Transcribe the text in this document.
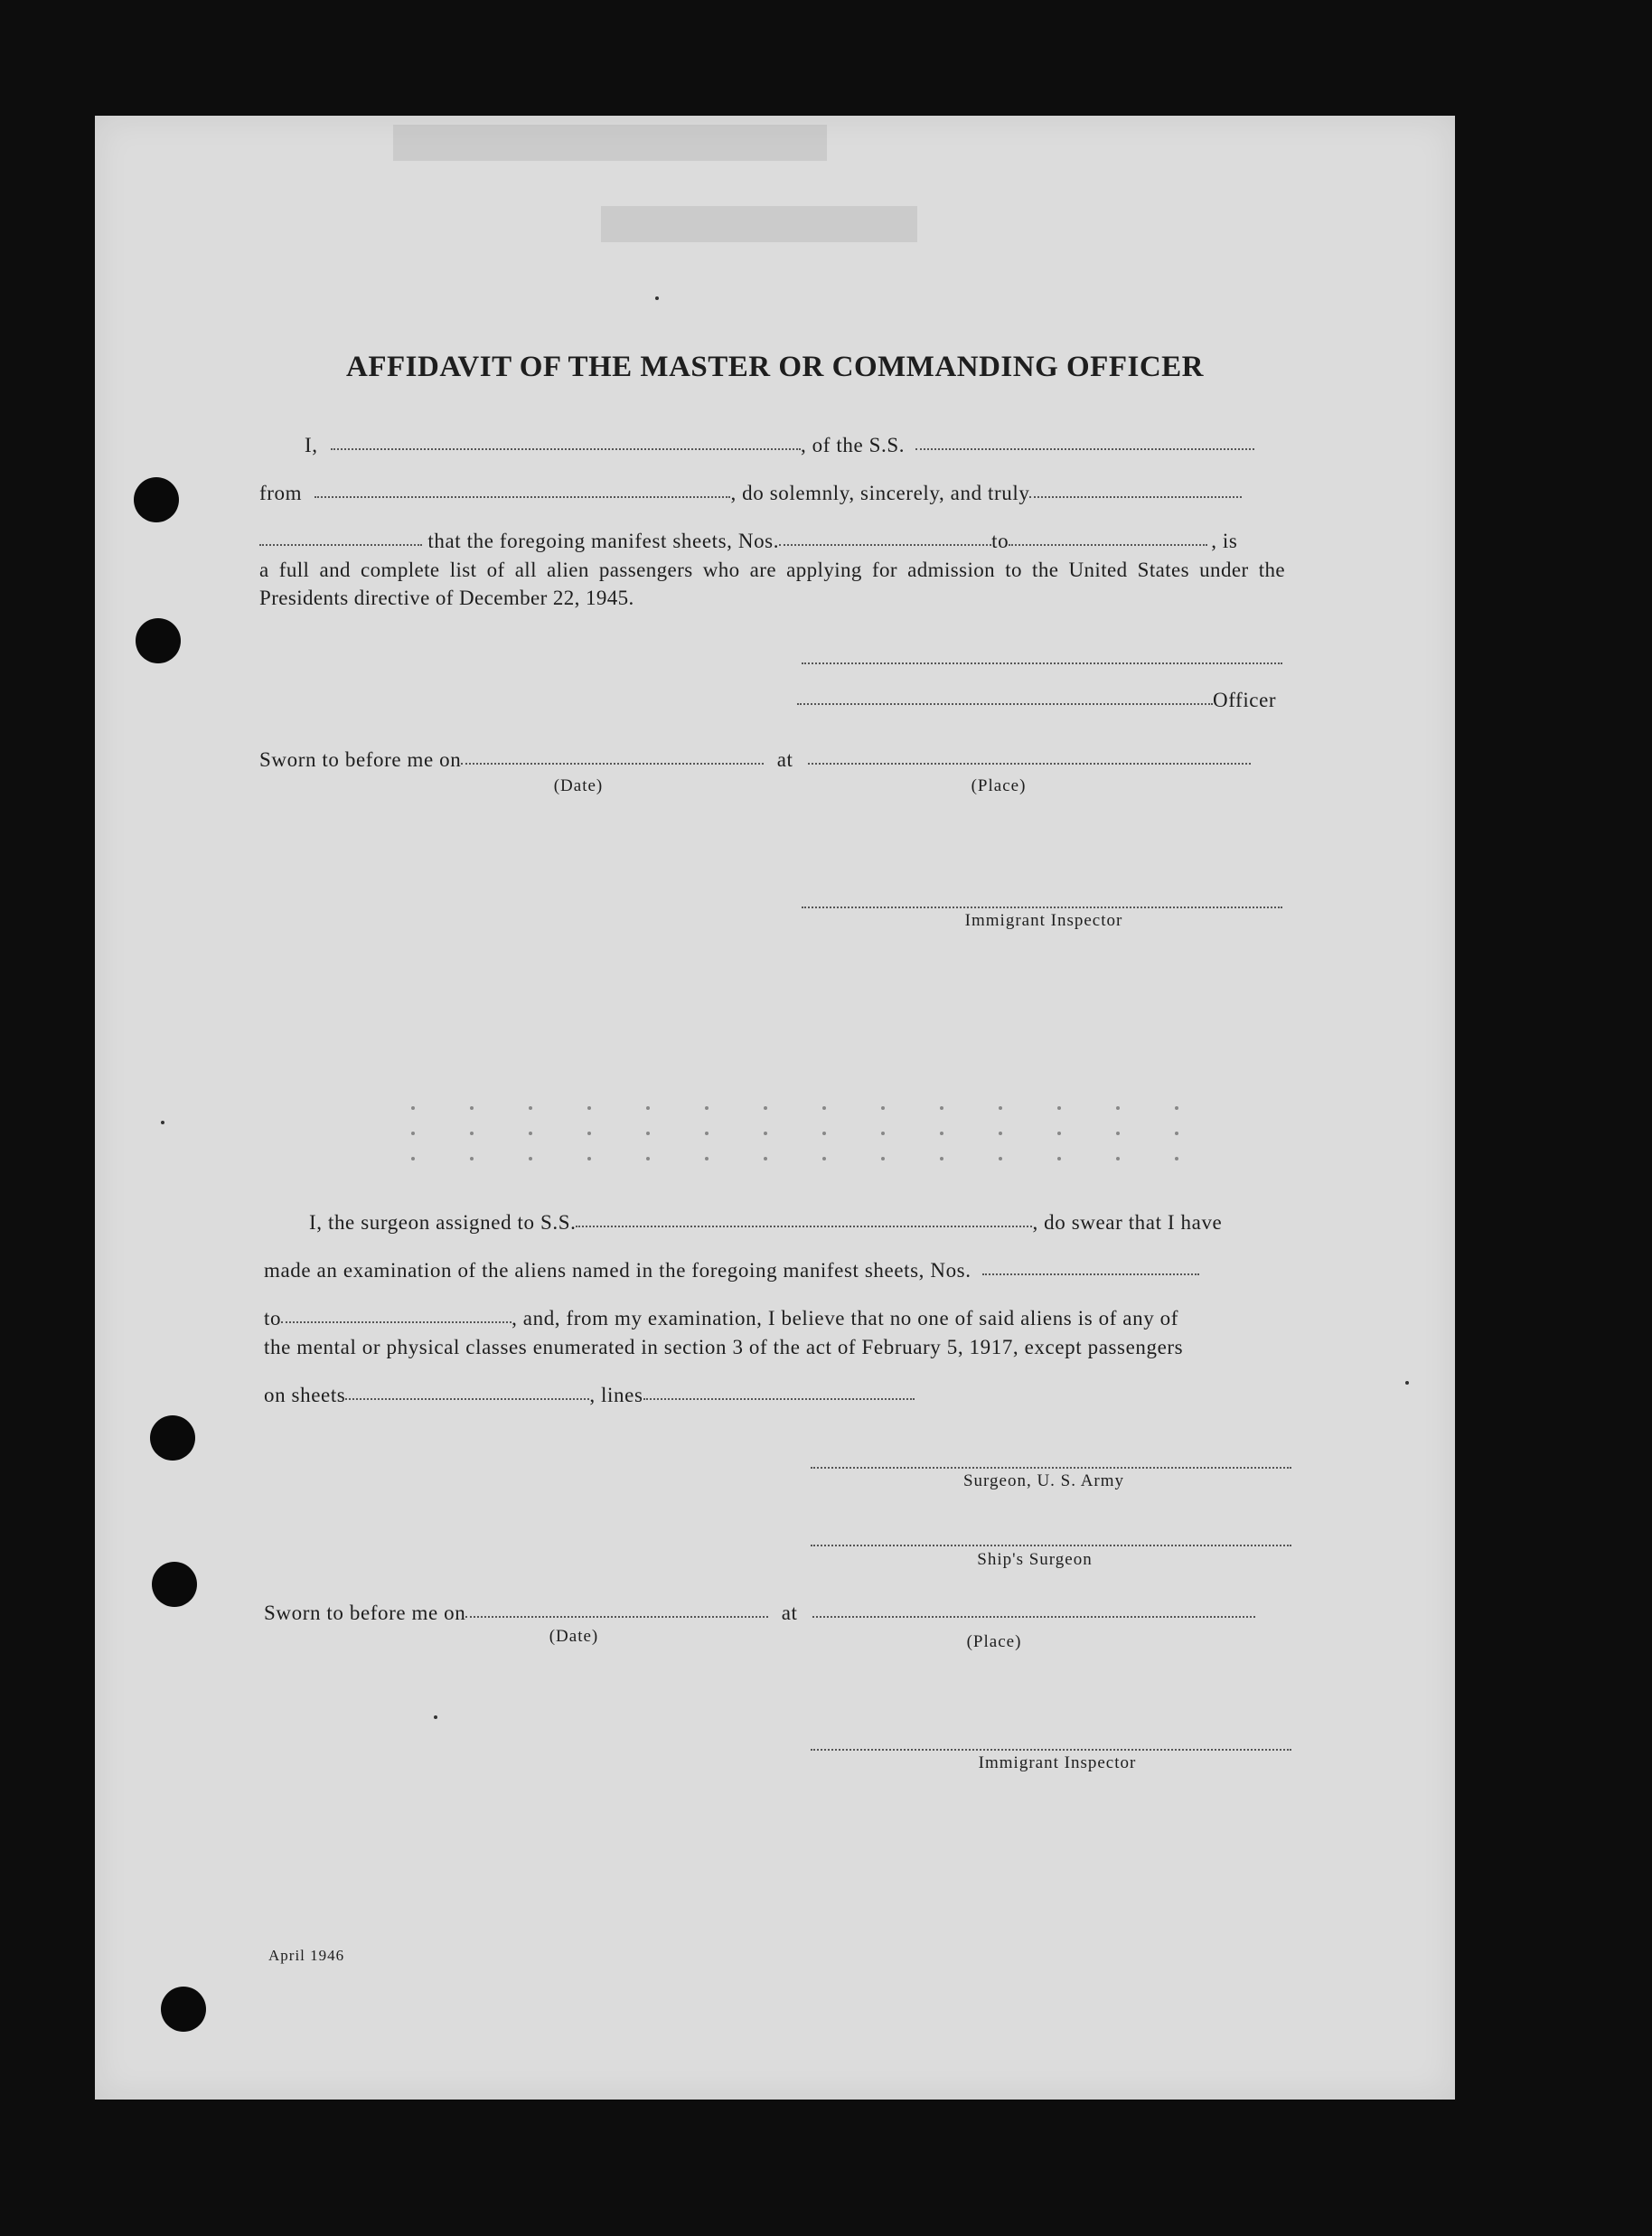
AFFIDAVIT OF THE MASTER OR COMMANDING OFFICER
I,	, of the S.S.
from	, do solemnly, sincerely, and truly
that the foregoing manifest sheets, Nos.	to	, is
a full and complete list of all alien passengers who are applying for admission to the United States under the Presidents directive of December 22, 1945.
Officer
Sworn to before me on	at
(Date)	(Place)
Immigrant Inspector
I, the surgeon assigned to S.S.	, do swear that I have
made an examination of the aliens named in the foregoing manifest sheets, Nos.
to	, and, from my examination, I believe that no one of said aliens is of any of
the mental or physical classes enumerated in section 3 of the act of February 5, 1917, except passengers
on sheets	, lines
Surgeon, U. S. Army
Ship's Surgeon
Sworn to before me on	at
(Date)	(Place)
Immigrant Inspector
April 1946
